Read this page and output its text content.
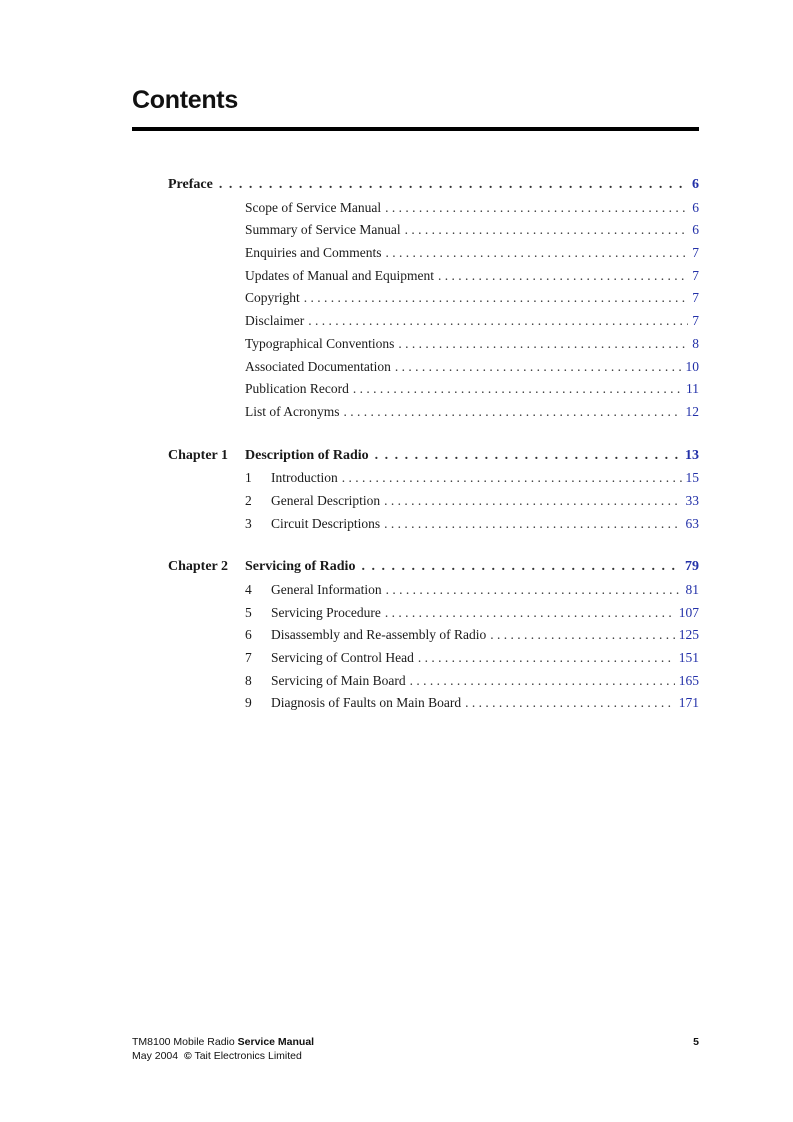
Contents
Preface . . .	6
Scope of Service Manual . . .	6
Summary of Service Manual . . .	6
Enquiries and Comments . . .	7
Updates of Manual and Equipment . . .	7
Copyright . . .	7
Disclaimer . . .	7
Typographical Conventions . . .	8
Associated Documentation . . .	10
Publication Record . . .	11
List of Acronyms . . .	12
Chapter 1	Description of Radio . . .	13
1 Introduction . . .	15
2 General Description . . .	33
3 Circuit Descriptions . . .	63
Chapter 2	Servicing of Radio . . .	79
4 General Information . . .	81
5 Servicing Procedure . . .	107
6 Disassembly and Re-assembly of Radio . . .	125
7 Servicing of Control Head . . .	151
8 Servicing of Main Board . . .	165
9 Diagnosis of Faults on Main Board . . .	171
TM8100 Mobile Radio Service Manual	5
May 2004 © Tait Electronics Limited
